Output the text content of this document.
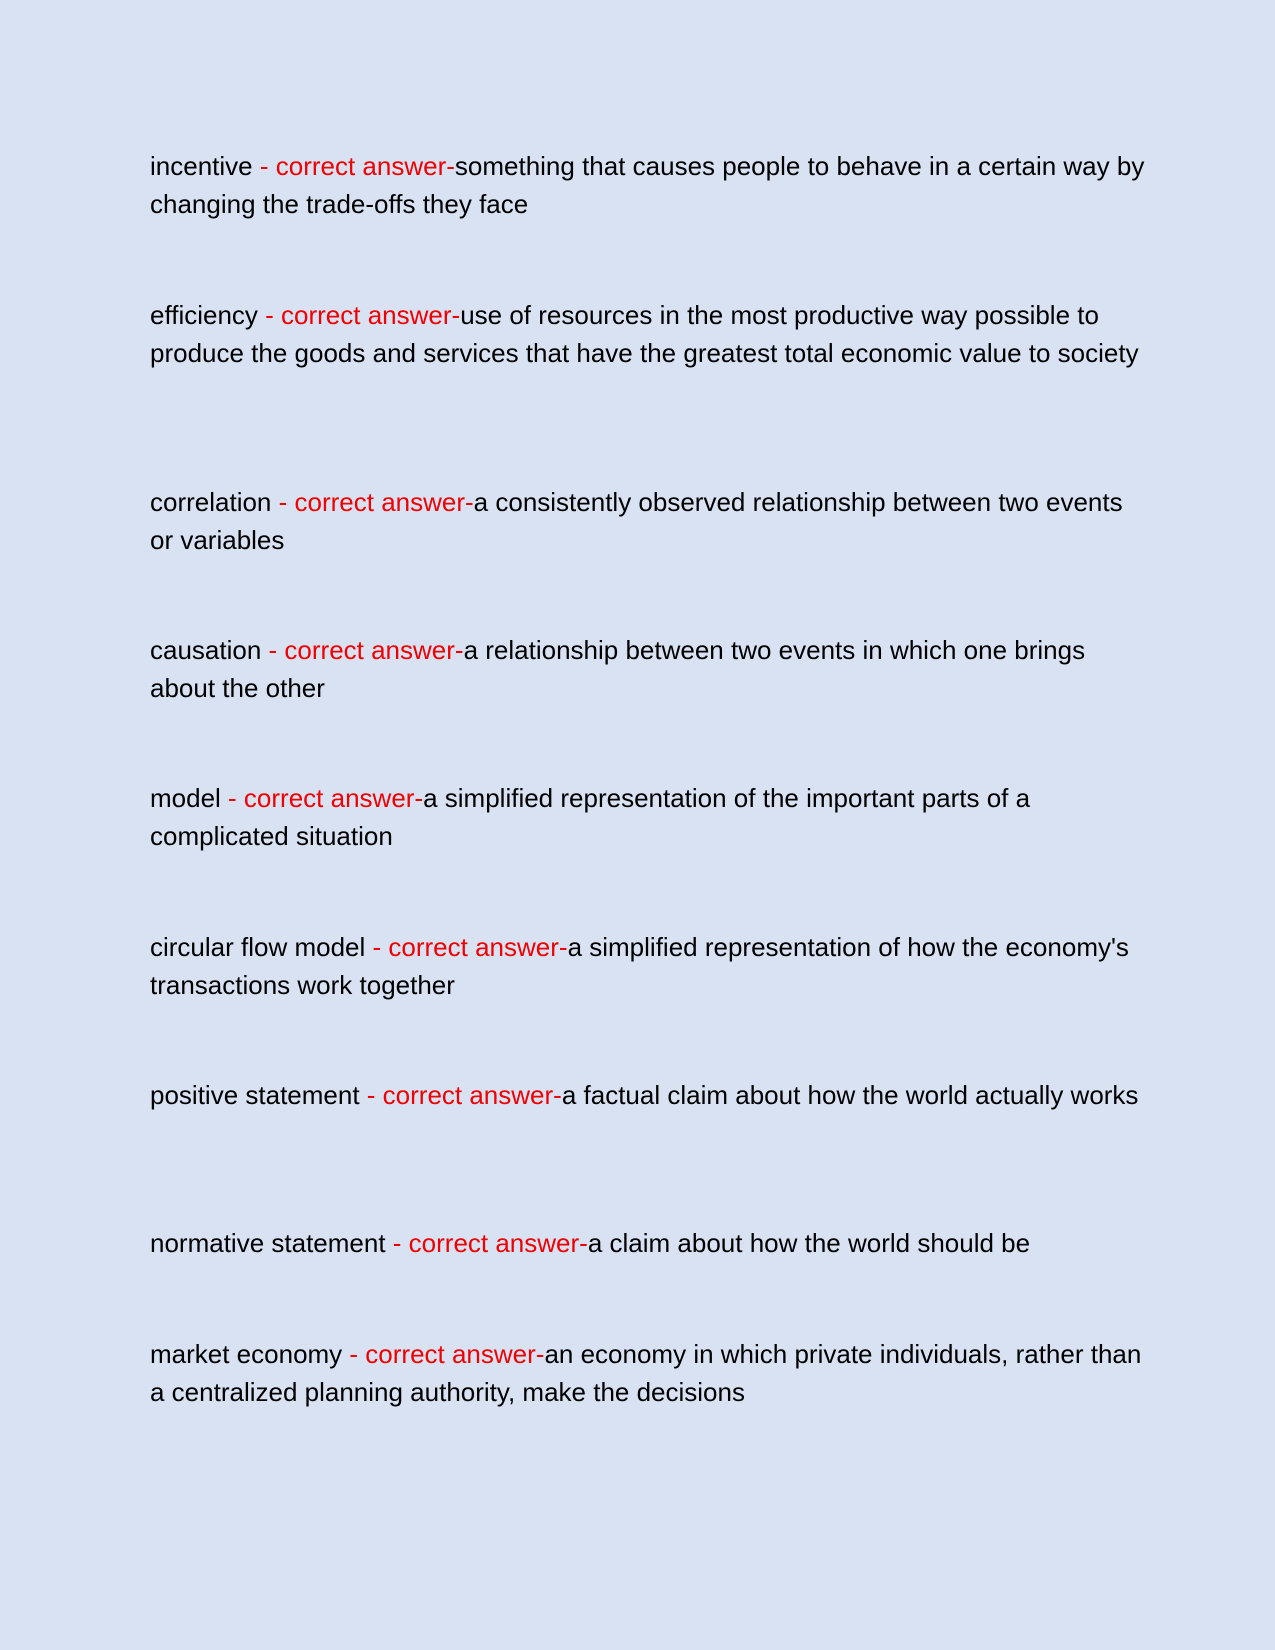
incentive - correct answer-something that causes people to behave in a certain way by changing the trade-offs they face

efficiency - correct answer-use of resources in the most productive way possible to produce the goods and services that have the greatest total economic value to society

correlation - correct answer-a consistently observed relationship between two events or variables

causation - correct answer-a relationship between two events in which one brings about the other

model - correct answer-a simplified representation of the important parts of a complicated situation

circular flow model - correct answer-a simplified representation of how the economy's transactions work together

positive statement - correct answer-a factual claim about how the world actually works

normative statement - correct answer-a claim about how the world should be

market economy - correct answer-an economy in which private individuals, rather than a centralized planning authority, make the decisions
